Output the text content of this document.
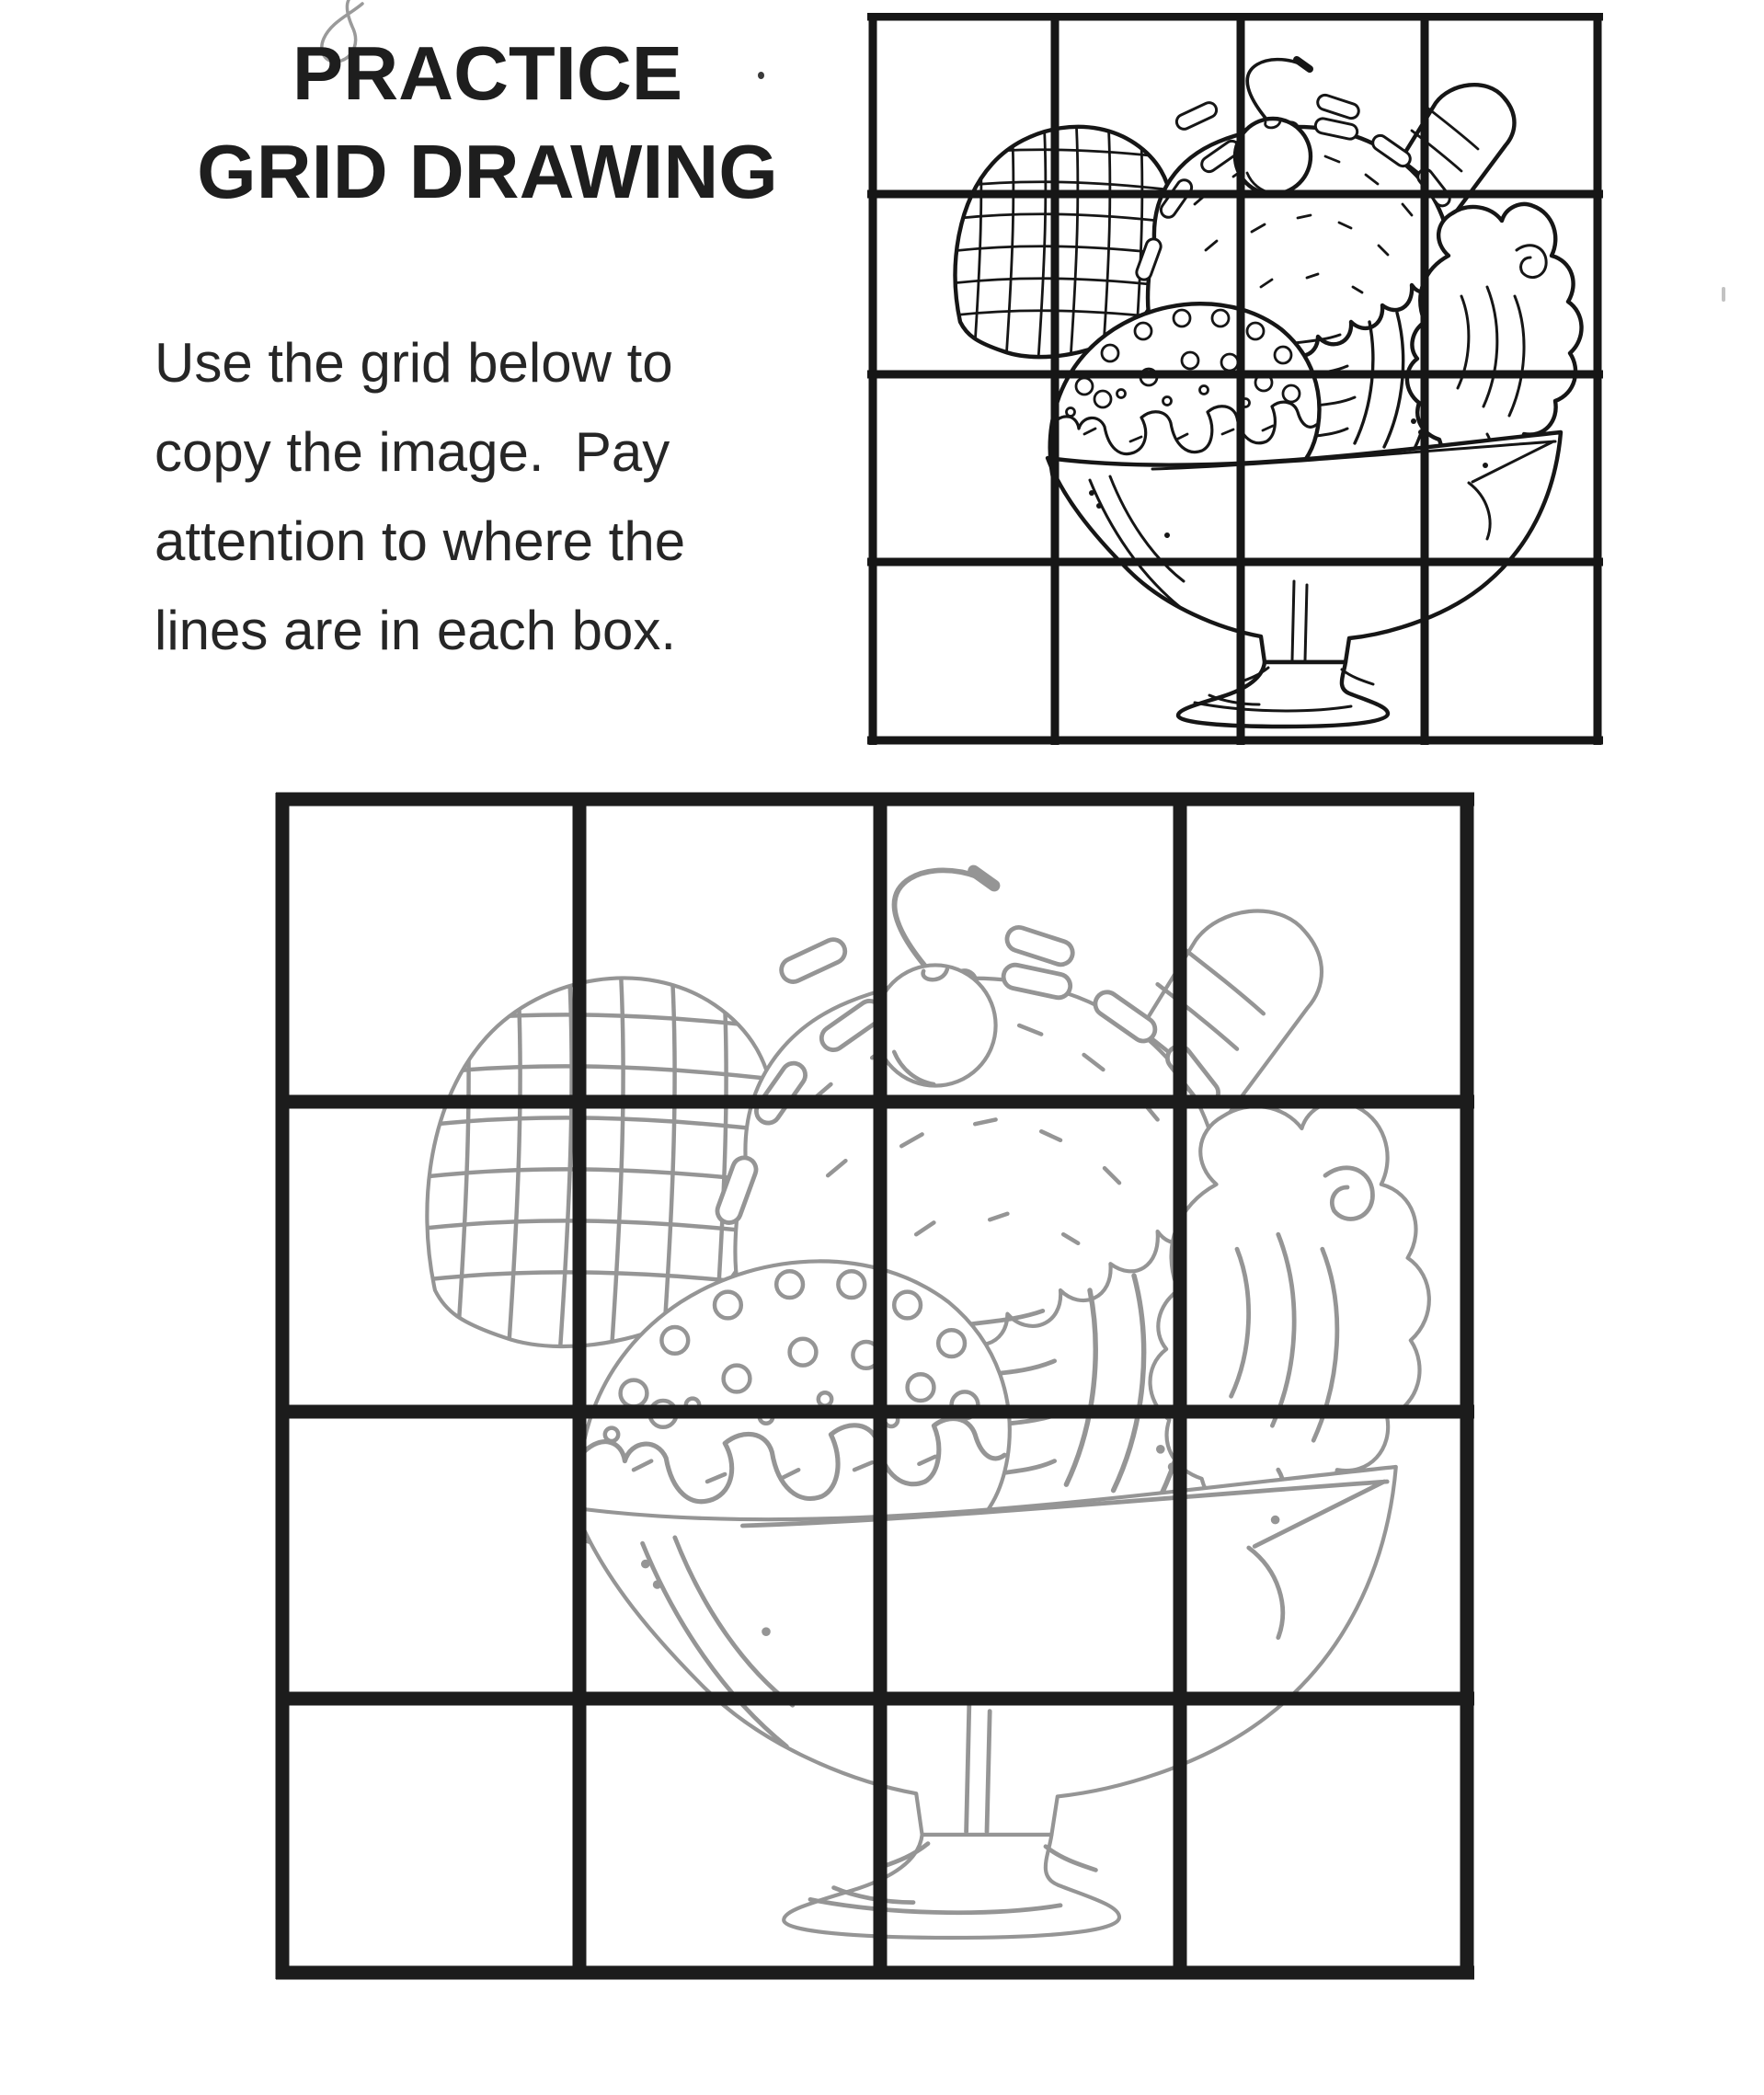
PRACTICE
GRID DRAWING
Use the grid below to
copy the image.  Pay
attention to where the
lines are in each box.
